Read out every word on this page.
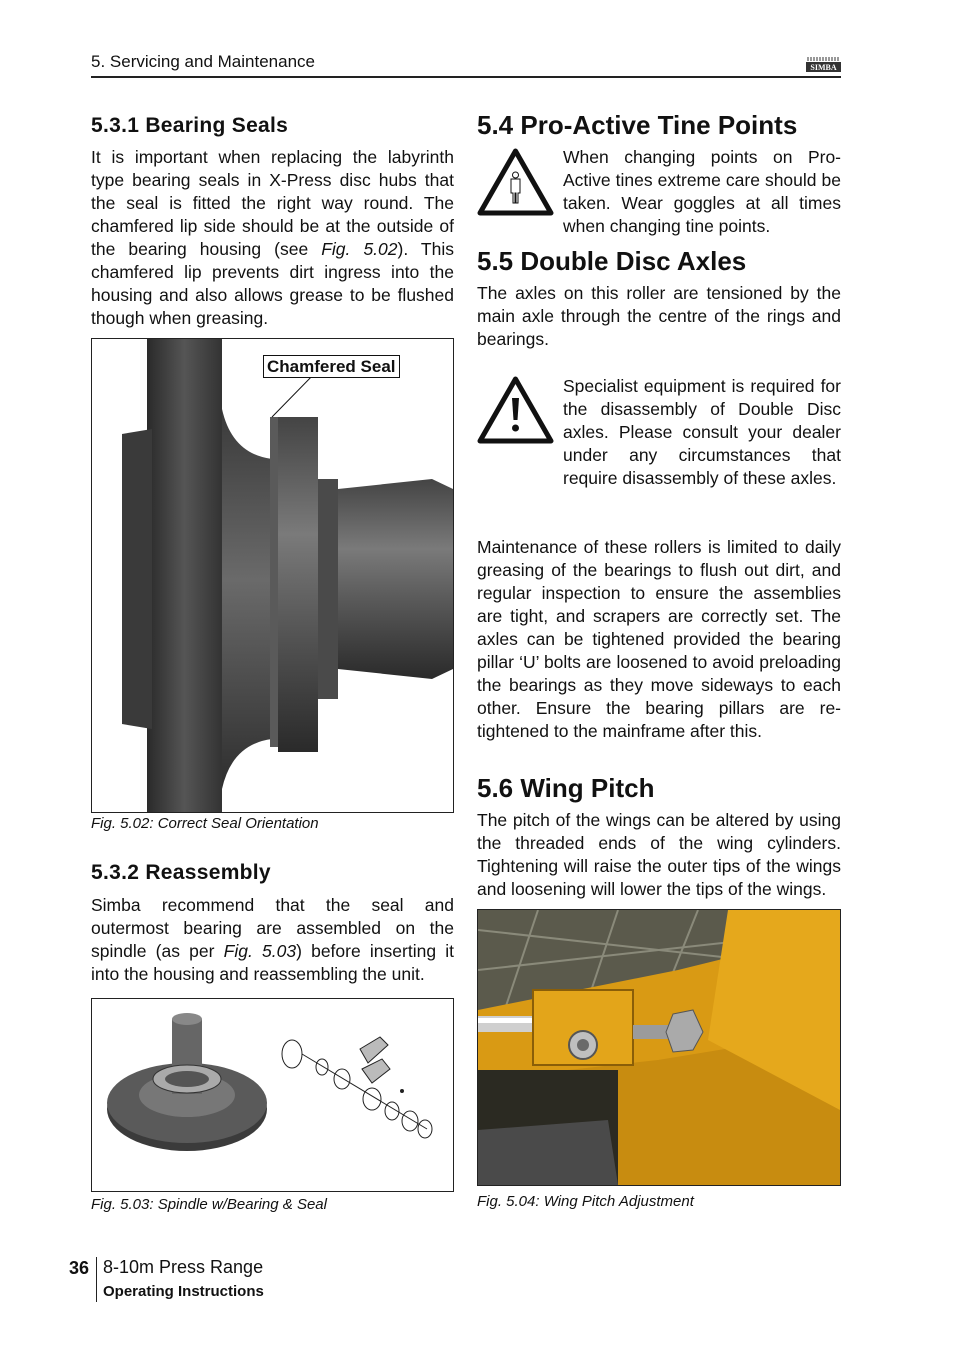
5. Servicing and Maintenance	SIMBA
5.3.1 Bearing Seals

It is important when replacing the labyrinth type bearing seals in X-Press disc hubs that the seal is fitted the right way round. The chamfered lip side should be at the outside of the bearing housing (see Fig. 5.02). This chamfered lip prevents dirt ingress into the housing and also allows grease to be flushed though when greasing.

Chamfered Seal
Fig. 5.02: Correct Seal Orientation
5.3.2 Reassembly

Simba recommend that the seal and outermost bearing are assembled on the spindle (as per Fig. 5.03) before inserting it into the housing and reassembling the unit.

Fig. 5.03: Spindle w/Bearing & Seal
5.4 Pro-Active Tine Points

When changing points on Pro-Active tines extreme care should be taken. Wear goggles at all times when changing tine points.

5.5 Double Disc Axles

The axles on this roller are tensioned by the main axle through the centre of the rings and bearings.

Specialist equipment is required for the disassembly of Double Disc axles. Please consult your dealer under any circumstances that require disassembly of these axles.

Maintenance of these rollers is limited to daily greasing of the bearings to flush out dirt, and regular inspection to ensure the assemblies are tight, and scrapers are correctly set. The axles can be tightened provided the bearing pillar ‘U’ bolts are loosened to avoid preloading the bearings as they move sideways to each other. Ensure the bearing pillars are re- tightened to the mainframe after this.

5.6 Wing Pitch

The pitch of the wings can be altered by using the threaded ends of the wing cylinders. Tightening will raise the outer tips of the wings and loosening will lower the tips of the wings.

Fig. 5.04: Wing Pitch Adjustment
36 8-10m Press Range
Operating Instructions
